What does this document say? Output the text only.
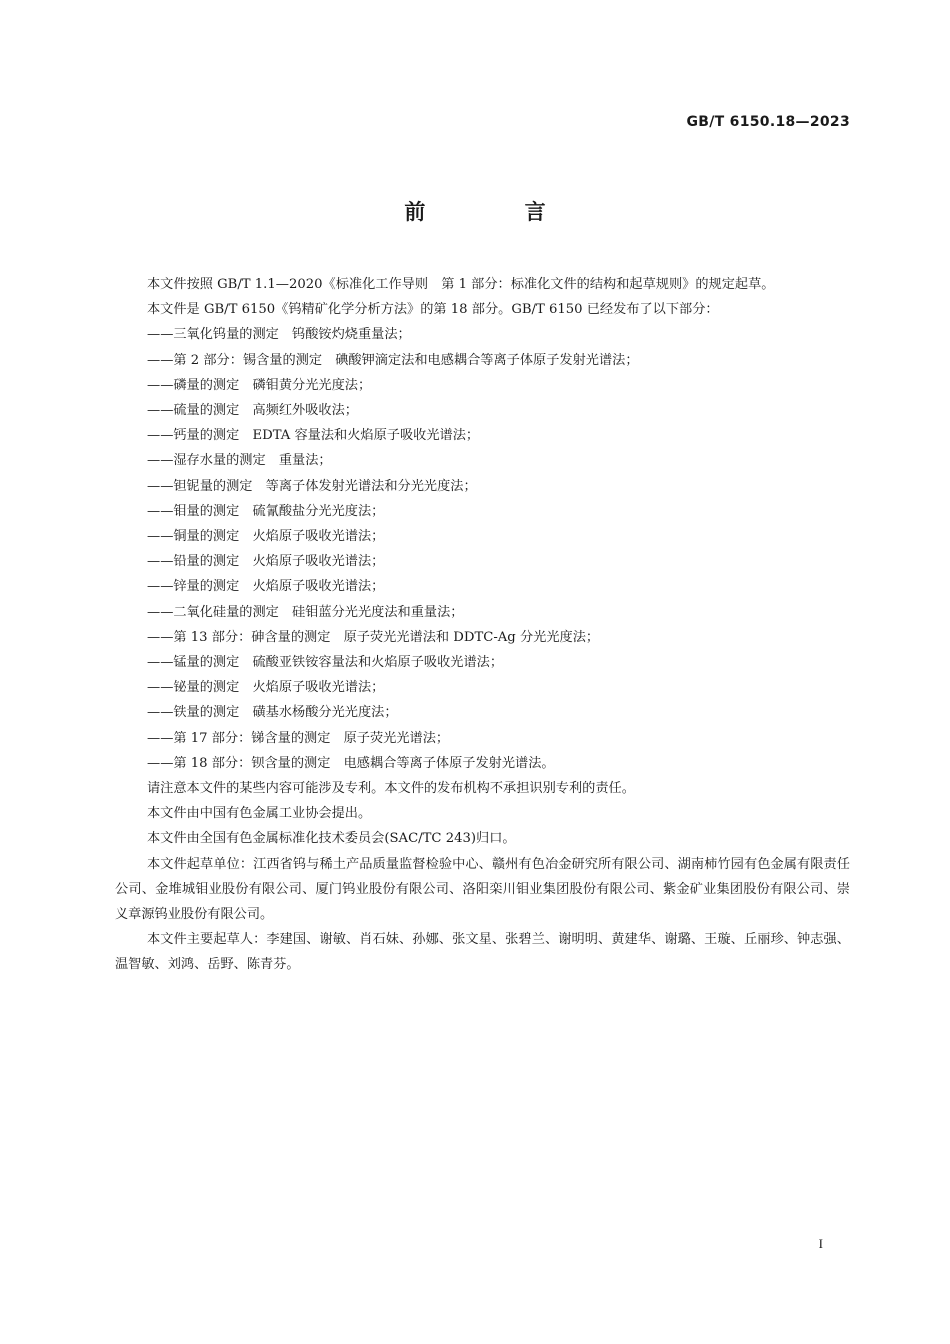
GB/T 6150.18—2023
前 言

本文件按照 GB/T 1.1—2020《标准化工作导则　第 1 部分：标准化文件的结构和起草规则》的规定起草。

本文件是 GB/T 6150《钨精矿化学分析方法》的第 18 部分。GB/T 6150 已经发布了以下部分：

——三氧化钨量的测定　钨酸铵灼烧重量法；

——第 2 部分：锡含量的测定　碘酸钾滴定法和电感耦合等离子体原子发射光谱法；

——磷量的测定　磷钼黄分光光度法；

——硫量的测定　高频红外吸收法；

——钙量的测定　EDTA 容量法和火焰原子吸收光谱法；

——湿存水量的测定　重量法；

——钽铌量的测定　等离子体发射光谱法和分光光度法；

——钼量的测定　硫氰酸盐分光光度法；

——铜量的测定　火焰原子吸收光谱法；

——铅量的测定　火焰原子吸收光谱法；

——锌量的测定　火焰原子吸收光谱法；

——二氧化硅量的测定　硅钼蓝分光光度法和重量法；

——第 13 部分：砷含量的测定　原子荧光光谱法和 DDTC-Ag 分光光度法；

——锰量的测定　硫酸亚铁铵容量法和火焰原子吸收光谱法；

——铋量的测定　火焰原子吸收光谱法；

——铁量的测定　磺基水杨酸分光光度法；

——第 17 部分：锑含量的测定　原子荧光光谱法；

——第 18 部分：钡含量的测定　电感耦合等离子体原子发射光谱法。

请注意本文件的某些内容可能涉及专利。本文件的发布机构不承担识别专利的责任。

本文件由中国有色金属工业协会提出。

本文件由全国有色金属标准化技术委员会(SAC/TC 243)归口。

本文件起草单位：江西省钨与稀土产品质量监督检验中心、赣州有色冶金研究所有限公司、湖南柿竹园有色金属有限责任公司、金堆城钼业股份有限公司、厦门钨业股份有限公司、洛阳栾川钼业集团股份有限公司、紫金矿业集团股份有限公司、崇义章源钨业股份有限公司。

本文件主要起草人：李建国、谢敏、肖石妹、孙娜、张文星、张碧兰、谢明明、黄建华、谢璐、王璇、丘丽珍、钟志强、温智敏、刘鸿、岳野、陈青芬。

I
